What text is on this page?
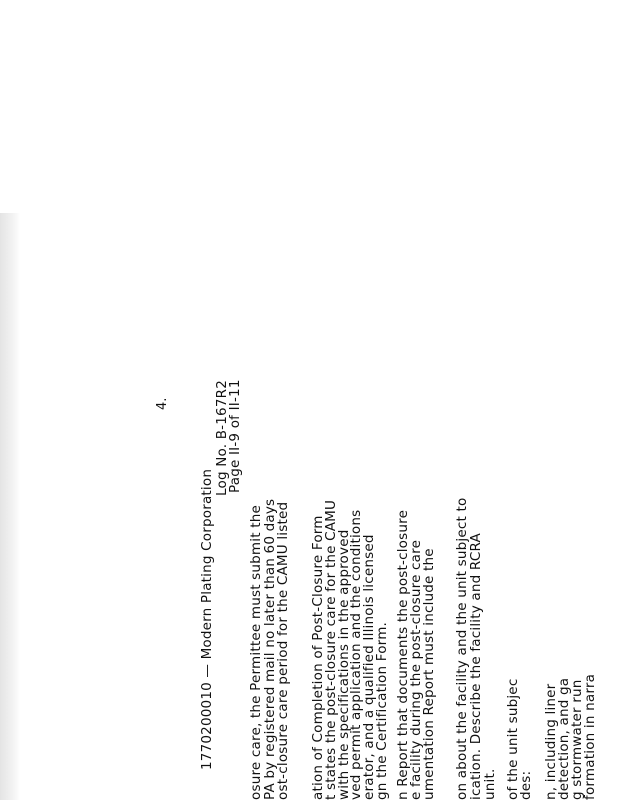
1770200010 — Modern Plating Corporation
Log No. B-167R2
Page II-9 of II-11
4.
osure care, the Permittee must submit the
PA by registered mail no later than 60 days
ost-closure care period for the CAMU listed ation of Completion of Post-Closure Form
t states the post-closure care for the CAMU
with the specifications in the approved
ved permit application and the conditions
erator, and a qualified Illinois licensed
gn the Certification Form. n Report that documents the post-closure
e facility during the post-closure care
umentation Report must include the on about the facility and the unit subject to
ication. Describe the facility and RCRA
unit. of the unit subjec
des: n, including liner
detection, and ga
g stormwater run
formation in narra
